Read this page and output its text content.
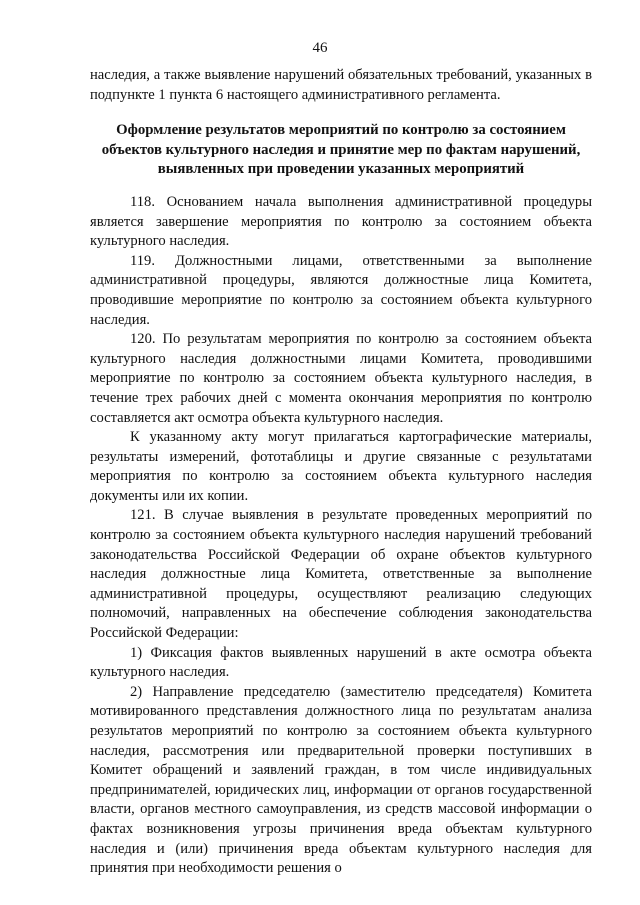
46

наследия, а также выявление нарушений обязательных требований, указанных в подпункте 1 пункта 6 настоящего административного регламента.

Оформление результатов мероприятий по контролю за состоянием объектов культурного наследия и принятие мер по фактам нарушений, выявленных при проведении указанных мероприятий

118. Основанием начала выполнения административной процедуры является завершение мероприятия по контролю за состоянием объекта культурного наследия.

119. Должностными лицами, ответственными за выполнение административной процедуры, являются должностные лица Комитета, проводившие мероприятие по контролю за состоянием объекта культурного наследия.

120. По результатам мероприятия по контролю за состоянием объекта культурного наследия должностными лицами Комитета, проводившими мероприятие по контролю за состоянием объекта культурного наследия, в течение трех рабочих дней с момента окончания мероприятия по контролю составляется акт осмотра объекта культурного наследия.

К указанному акту могут прилагаться картографические материалы, результаты измерений, фототаблицы и другие связанные с результатами мероприятия по контролю за состоянием объекта культурного наследия документы или их копии.

121. В случае выявления в результате проведенных мероприятий по контролю за состоянием объекта культурного наследия нарушений требований законодательства Российской Федерации об охране объектов культурного наследия должностные лица Комитета, ответственные за выполнение административной процедуры, осуществляют реализацию следующих полномочий, направленных на обеспечение соблюдения законодательства Российской Федерации:

1) Фиксация фактов выявленных нарушений в акте осмотра объекта культурного наследия.

2) Направление председателю (заместителю председателя) Комитета мотивированного представления должностного лица по результатам анализа результатов мероприятий по контролю за состоянием объекта культурного наследия, рассмотрения или предварительной проверки поступивших в Комитет обращений и заявлений граждан, в том числе индивидуальных предпринимателей, юридических лиц, информации от органов государственной власти, органов местного самоуправления, из средств массовой информации о фактах возникновения угрозы причинения вреда объектам культурного наследия и (или) причинения вреда объектам культурного наследия для принятия при необходимости решения о
